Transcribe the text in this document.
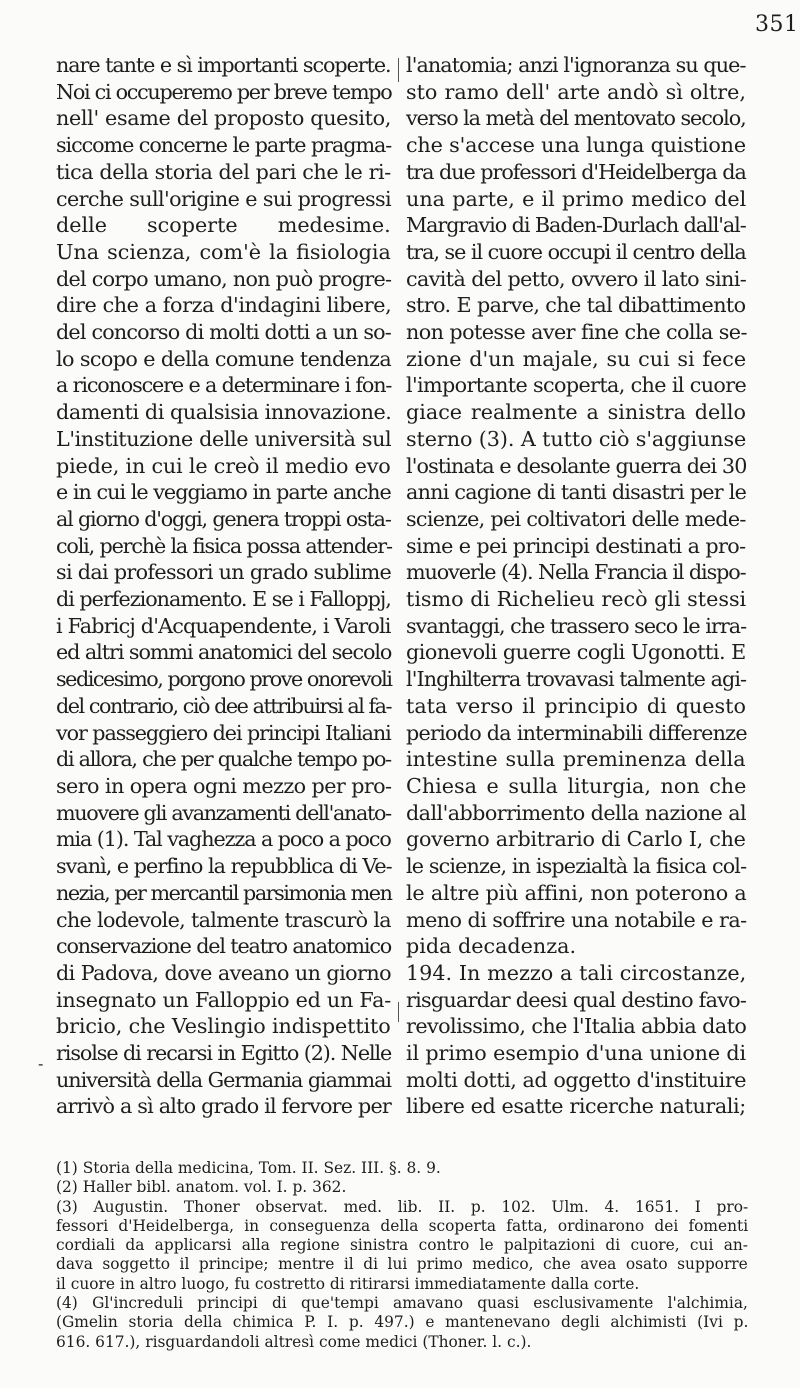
351
-
nare tante e sì importanti scoperte.
Noi ci occuperemo per breve tempo
nell' esame del proposto quesito,
siccome concerne le parte pragma-
tica della storia del pari che le ri-
cerche sull'origine e sui progressi
delle scoperte medesime.
Una scienza, com'è la fisiologia
del corpo umano, non può progre-
dire che a forza d'indagini libere,
del concorso di molti dotti a un so-
lo scopo e della comune tendenza
a riconoscere e a determinare i fon-
damenti di qualsisia innovazione.
L'instituzione delle università sul
piede, in cui le creò il medio evo
e in cui le veggiamo in parte anche
al giorno d'oggi, genera troppi osta-
coli, perchè la fisica possa attender-
si dai professori un grado sublime
di perfezionamento. E se i Falloppj,
i Fabricj d'Acquapendente, i Varoli
ed altri sommi anatomici del secolo
sedicesimo, porgono prove onorevoli
del contrario, ciò dee attribuirsi al fa-
vor passeggiero dei principi Italiani
di allora, che per qualche tempo po-
sero in opera ogni mezzo per pro-
muovere gli avanzamenti dell'anato-
mia (1). Tal vaghezza a poco a poco
svanì, e perfino la repubblica di Ve-
nezia, per mercantil parsimonia men
che lodevole, talmente trascurò la
conservazione del teatro anatomico
di Padova, dove aveano un giorno
insegnato un Falloppio ed un Fa-
bricio, che Veslingio indispettito
risolse di recarsi in Egitto (2). Nelle
università della Germania giammai
arrivò a sì alto grado il fervore per
l'anatomia; anzi l'ignoranza su que-
sto ramo dell' arte andò sì oltre,
verso la metà del mentovato secolo,
che s'accese una lunga quistione
tra due professori d'Heidelberga da
una parte, e il primo medico del
Margravio di Baden-Durlach dall'al-
tra, se il cuore occupi il centro della
cavità del petto, ovvero il lato sini-
stro. E parve, che tal dibattimento
non potesse aver fine che colla se-
zione d'un majale, su cui si fece
l'importante scoperta, che il cuore
giace realmente a sinistra dello
sterno (3). A tutto ciò s'aggiunse
l'ostinata e desolante guerra dei 30
anni cagione di tanti disastri per le
scienze, pei coltivatori delle mede-
sime e pei principi destinati a pro-
muoverle (4). Nella Francia il dispo-
tismo di Richelieu recò gli stessi
svantaggi, che trassero seco le irra-
gionevoli guerre cogli Ugonotti. E
l'Inghilterra trovavasi talmente agi-
tata verso il principio di questo
periodo da interminabili differenze
intestine sulla preminenza della
Chiesa e sulla liturgia, non che
dall'abborrimento della nazione al
governo arbitrario di Carlo I, che
le scienze, in ispezialtà la fisica col-
le altre più affini, non poterono a
meno di soffrire una notabile e ra-
pida decadenza.
194. In mezzo a tali circostanze,
risguardar deesi qual destino favo-
revolissimo, che l'Italia abbia dato
il primo esempio d'una unione di
molti dotti, ad oggetto d'instituire
libere ed esatte ricerche naturali;
(1) Storia della medicina, Tom. II. Sez. III. §. 8. 9.
(2) Haller bibl. anatom. vol. I. p. 362.
(3) Augustin. Thoner observat. med. lib. II. p. 102. Ulm. 4. 1651. I pro-
fessori d'Heidelberga, in conseguenza della scoperta fatta, ordinarono dei fomenti
cordiali da applicarsi alla regione sinistra contro le palpitazioni di cuore, cui an-
dava soggetto il principe; mentre il di lui primo medico, che avea osato supporre
il cuore in altro luogo, fu costretto di ritirarsi immediatamente dalla corte.
(4) Gl'increduli principi di que'tempi amavano quasi esclusivamente l'alchimia,
(Gmelin storia della chimica P. I. p. 497.) e mantenevano degli alchimisti (Ivi p.
616. 617.), risguardandoli altresì come medici (Thoner. l. c.).
